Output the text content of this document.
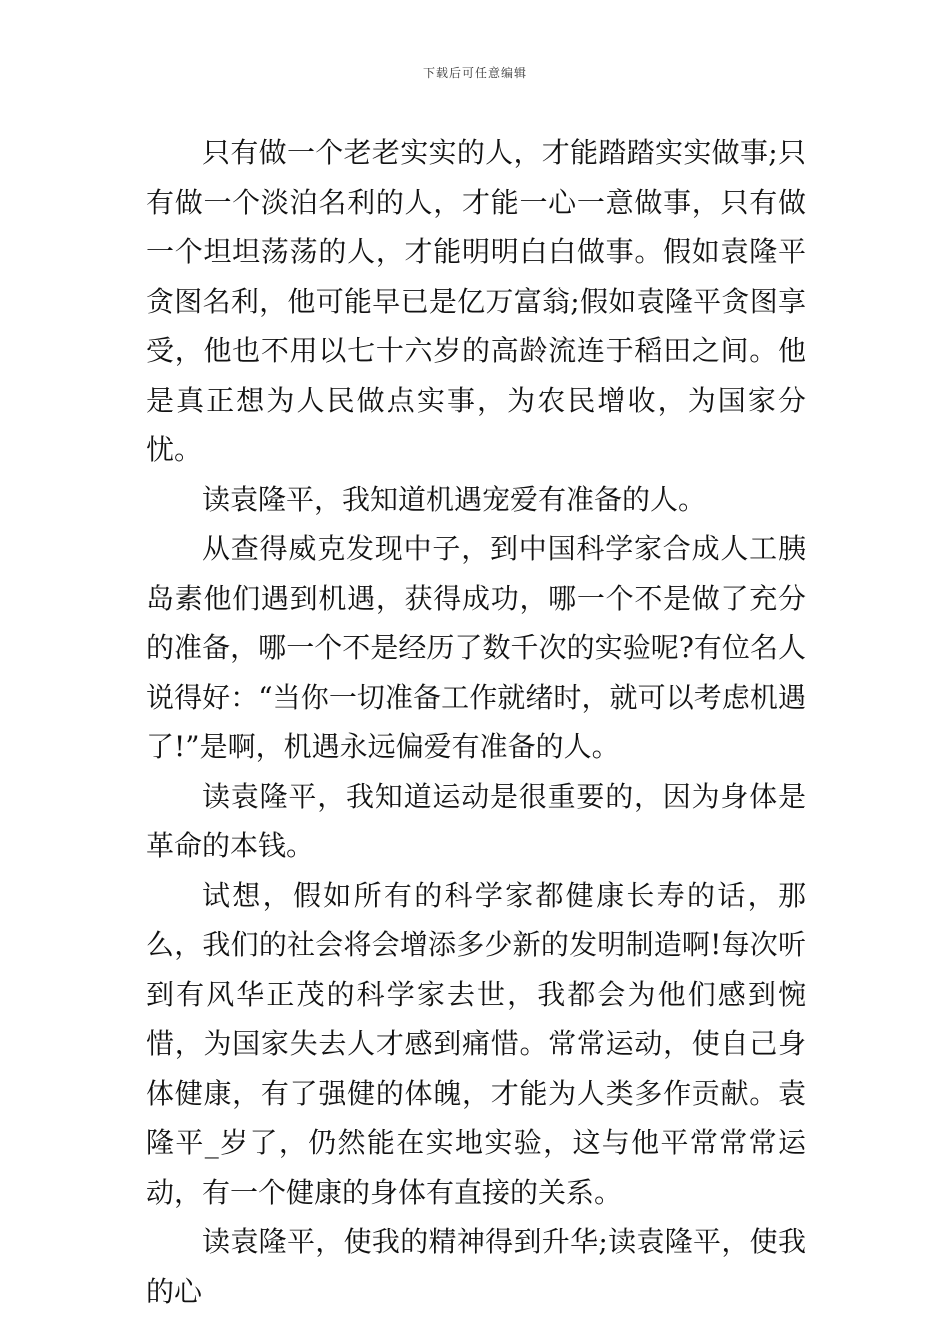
下载后可任意编辑

只有做一个老老实实的人，才能踏踏实实做事;只有做一个淡泊名利的人，才能一心一意做事，只有做一个坦坦荡荡的人，才能明明白白做事。假如袁隆平贪图名利，他可能早已是亿万富翁;假如袁隆平贪图享受，他也不用以七十六岁的高龄流连于稻田之间。他是真正想为人民做点实事，为农民增收，为国家分忧。

读袁隆平，我知道机遇宠爱有准备的人。

从查得威克发现中子，到中国科学家合成人工胰岛素他们遇到机遇，获得成功，哪一个不是做了充分的准备，哪一个不是经历了数千次的实验呢?有位名人说得好：“当你一切准备工作就绪时，就可以考虑机遇了!”是啊，机遇永远偏爱有准备的人。

读袁隆平，我知道运动是很重要的，因为身体是革命的本钱。

试想，假如所有的科学家都健康长寿的话，那么，我们的社会将会增添多少新的发明制造啊!每次听到有风华正茂的科学家去世，我都会为他们感到惋惜，为国家失去人才感到痛惜。常常运动，使自己身体健康，有了强健的体魄，才能为人类多作贡献。袁隆平_岁了，仍然能在实地实验，这与他平常常常运动，有一个健康的身体有直接的关系。

读袁隆平，使我的精神得到升华;读袁隆平，使我的心
